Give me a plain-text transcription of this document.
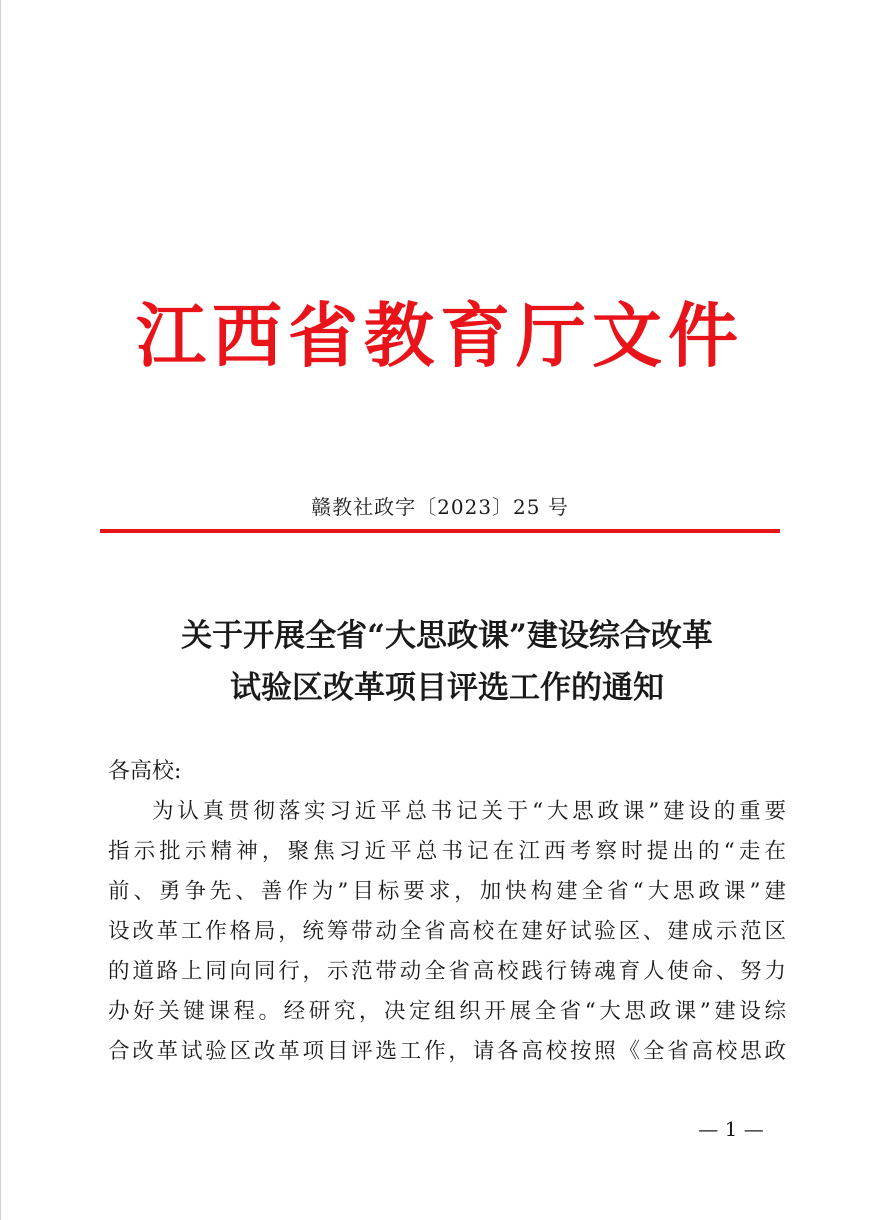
江西省教育厅文件
赣教社政字〔2023〕25 号
关于开展全省“大思政课”建设综合改革
试验区改革项目评选工作的通知
各高校:
为认真贯彻落实习近平总书记关于“大思政课”建设的重要
指示批示精神，聚焦习近平总书记在江西考察时提出的“走在
前、勇争先、善作为”目标要求，加快构建全省“大思政课”建
设改革工作格局，统筹带动全省高校在建好试验区、建成示范区
的道路上同向同行，示范带动全省高校践行铸魂育人使命、努力
办好关键课程。经研究，决定组织开展全省“大思政课”建设综
合改革试验区改革项目评选工作，请各高校按照《全省高校思政
— 1 —
